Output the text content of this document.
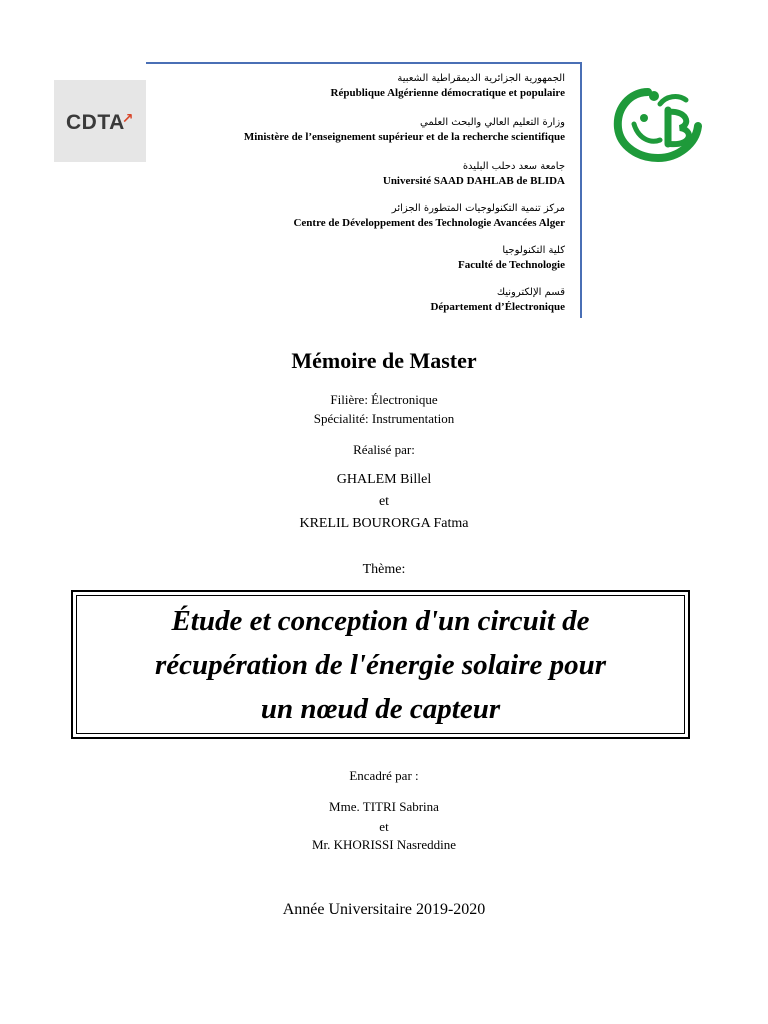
CDTA↗
الجمهورية الجزائرية الديمقراطية الشعبية
République Algérienne démocratique et populaire
وزارة التعليم العالي والبحث العلمي
Ministère de l’enseignement supérieur et de la recherche scientifique
جامعة سعد دحلب البليدة
Université SAAD DAHLAB de BLIDA
مركز تنمية التكنولوجيات المتطورة الجزائر
Centre de Développement des Technologie Avancées Alger
كلية التكنولوجيا
Faculté de Technologie
قسم الإلكترونيك
Département d’Électronique
Mémoire de Master
Filière: Électronique
Spécialité: Instrumentation
Réalisé par:
GHALEM Billel
et
KRELIL BOURORGA Fatma
Thème:
Étude et conception d'un circuit de
récupération de l'énergie solaire pour
un nœud de capteur
Encadré par :
Mme. TITRI Sabrina
et
Mr. KHORISSI Nasreddine
Année Universitaire 2019-2020
